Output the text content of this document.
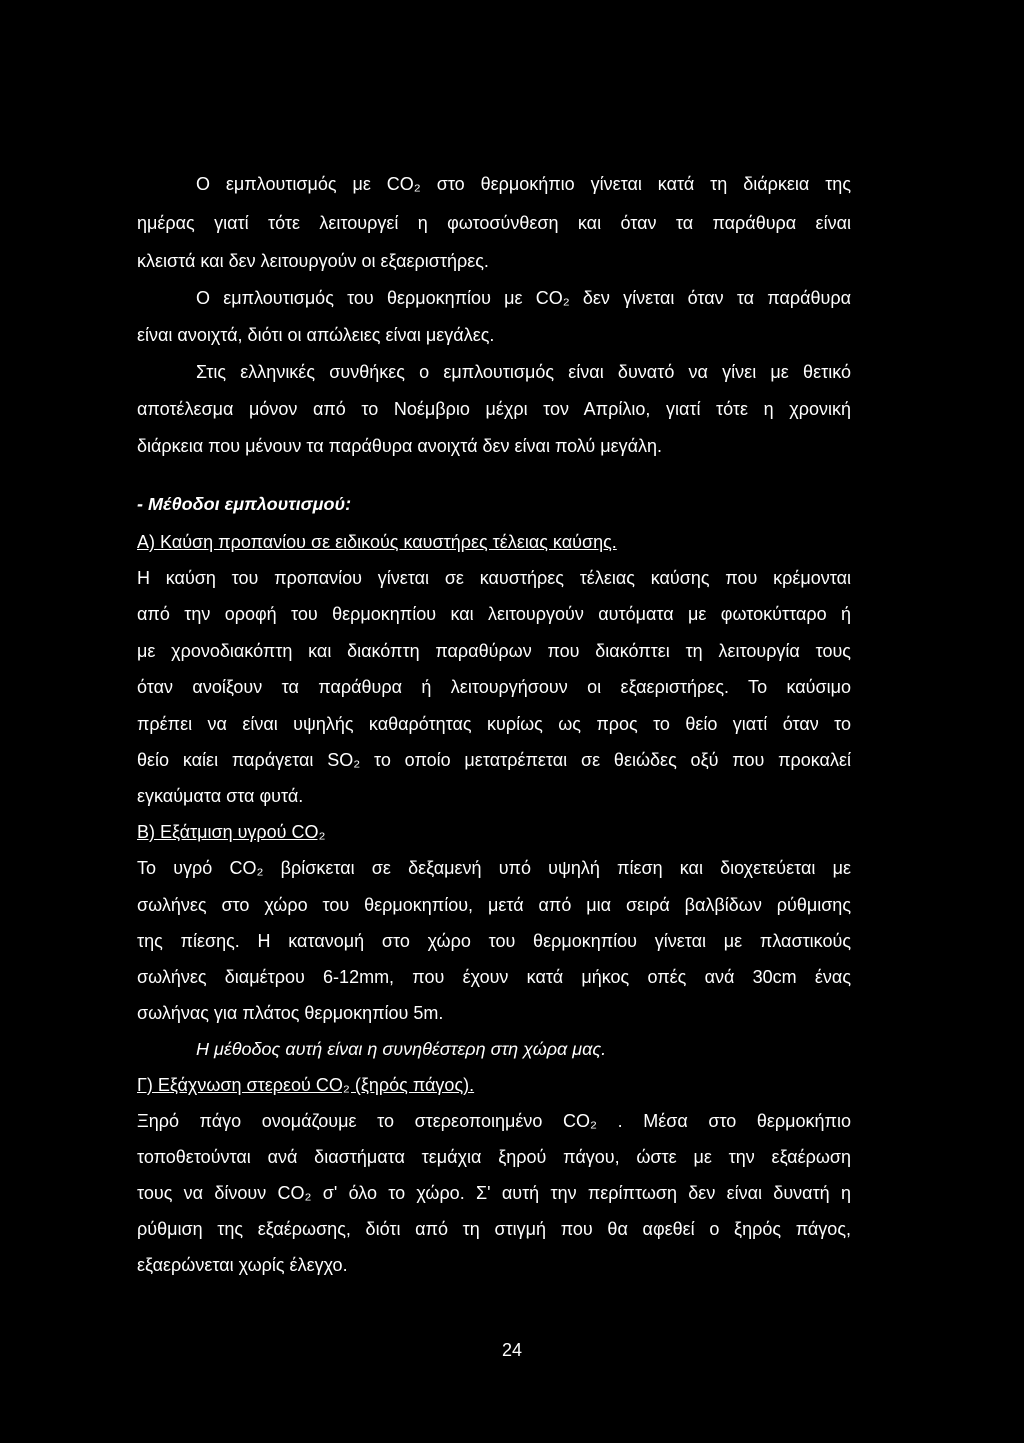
Ο εμπλουτισμός με CO₂ στο θερμοκήπιο γίνεται κατά τη διάρκεια της
ημέρας γιατί τότε λειτουργεί η φωτοσύνθεση και όταν τα παράθυρα είναι
κλειστά και δεν λειτουργούν οι εξαεριστήρες.
Ο εμπλουτισμός του θερμοκηπίου με CO₂ δεν γίνεται όταν τα παράθυρα
είναι ανοιχτά, διότι οι απώλειες είναι μεγάλες.
Στις ελληνικές συνθήκες ο εμπλουτισμός είναι δυνατό να γίνει με θετικό
αποτέλεσμα μόνον από το Νοέμβριο μέχρι τον Απρίλιο, γιατί τότε η χρονική
διάρκεια που μένουν τα παράθυρα ανοιχτά δεν είναι πολύ μεγάλη.
- Μέθοδοι εμπλουτισμού:
Α) Καύση προπανίου σε ειδικούς καυστήρες τέλειας καύσης.
Η καύση του προπανίου γίνεται σε καυστήρες τέλειας καύσης που κρέμονται
από την οροφή του θερμοκηπίου και λειτουργούν αυτόματα με φωτοκύτταρο ή
με χρονοδιακόπτη και διακόπτη παραθύρων που διακόπτει τη λειτουργία τους
όταν ανοίξουν τα παράθυρα ή λειτουργήσουν οι εξαεριστήρες. Το καύσιμο
πρέπει να είναι υψηλής καθαρότητας κυρίως ως προς το θείο γιατί όταν το
θείο καίει παράγεται SO₂ το οποίο μετατρέπεται σε θειώδες οξύ που προκαλεί
εγκαύματα στα φυτά.
Β) Εξάτμιση υγρού CO₂
Το υγρό CO₂ βρίσκεται σε δεξαμενή υπό υψηλή πίεση και διοχετεύεται με
σωλήνες στο χώρο του θερμοκηπίου, μετά από μια σειρά βαλβίδων ρύθμισης
της πίεσης. Η κατανομή στο χώρο του θερμοκηπίου γίνεται με πλαστικούς
σωλήνες διαμέτρου 6-12mm, που έχουν κατά μήκος οπές ανά 30cm ένας
σωλήνας για πλάτος θερμοκηπίου 5m.
Η μέθοδος αυτή είναι η συνηθέστερη στη χώρα μας.
Γ) Εξάχνωση στερεού CO₂ (ξηρός πάγος).
Ξηρό πάγο ονομάζουμε το στερεοποιημένο CO₂ . Μέσα στο θερμοκήπιο
τοποθετούνται ανά διαστήματα τεμάχια ξηρού πάγου, ώστε με την εξαέρωση
τους να δίνουν CO₂ σ' όλο το χώρο. Σ' αυτή την περίπτωση δεν είναι δυνατή η
ρύθμιση της εξαέρωσης, διότι από τη στιγμή που θα αφεθεί ο ξηρός πάγος,
εξαερώνεται χωρίς έλεγχο.
24
